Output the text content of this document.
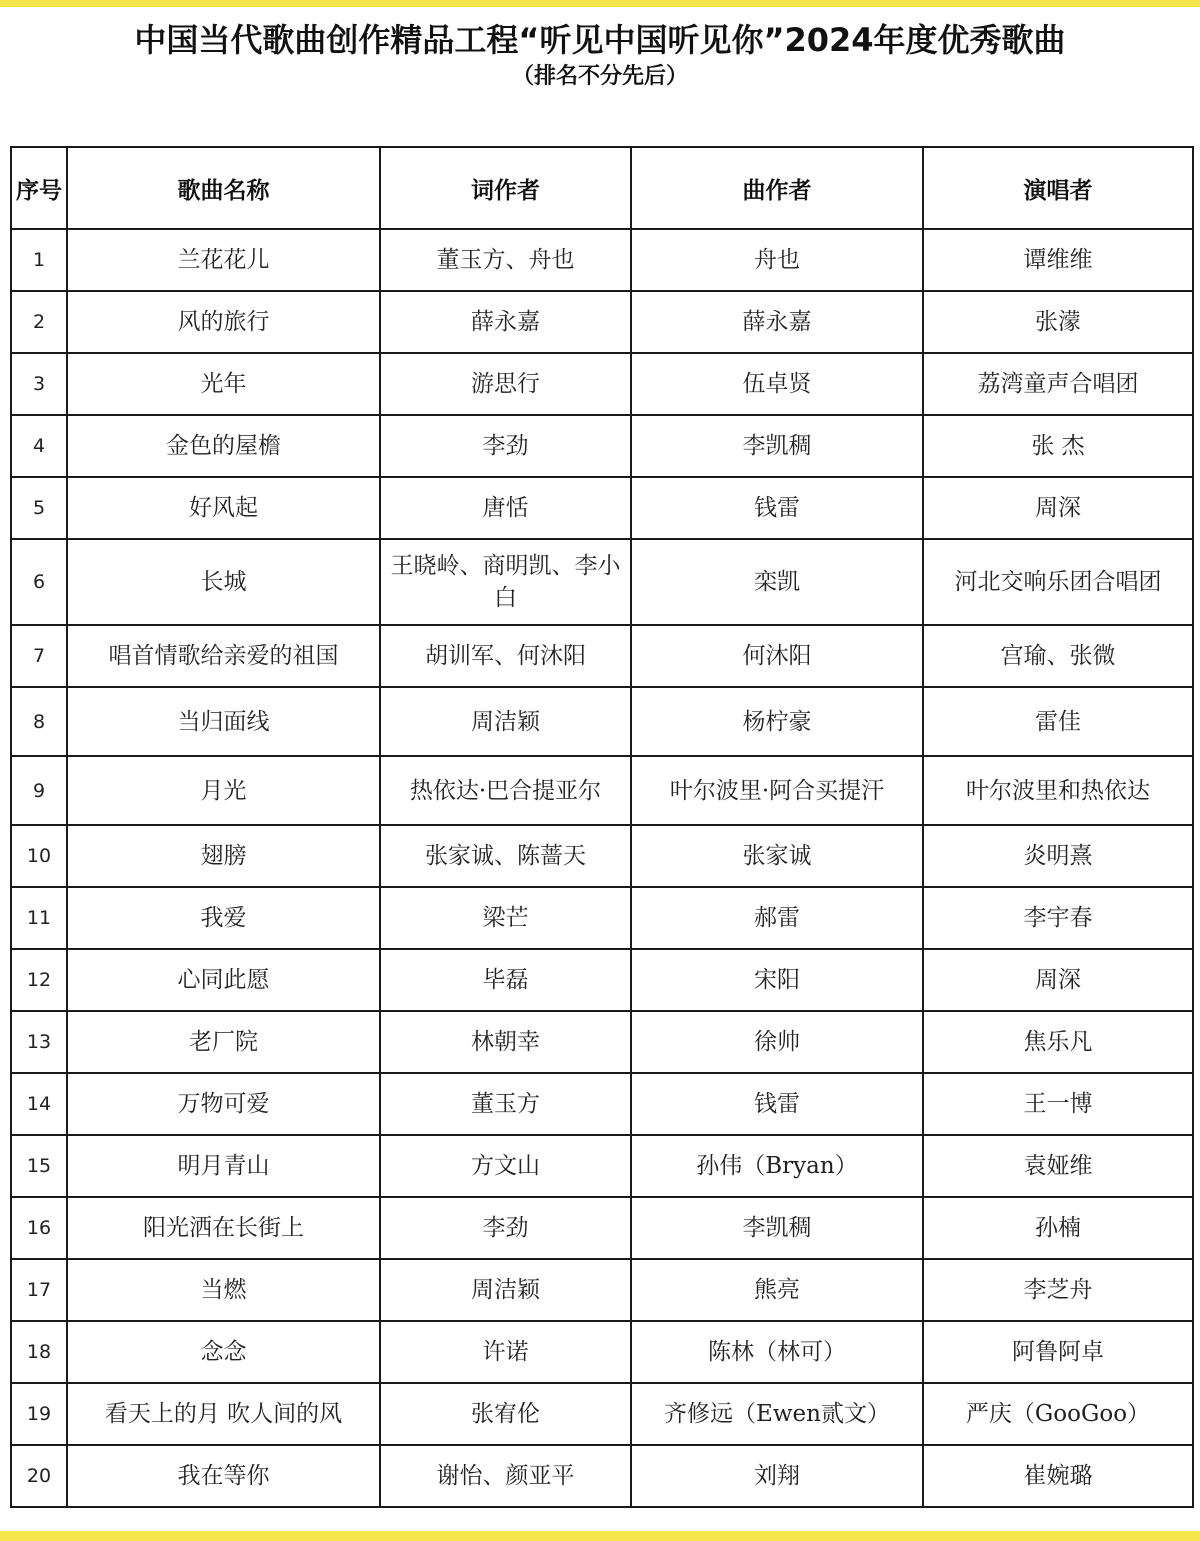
中国当代歌曲创作精品工程“听见中国听见你”2024年度优秀歌曲
（排名不分先后）
序号	歌曲名称	词作者	曲作者	演唱者
1	兰花花儿	董玉方、舟也	舟也	谭维维
2	风的旅行	薛永嘉	薛永嘉	张濛
3	光年	游思行	伍卓贤	荔湾童声合唱团
4	金色的屋檐	李劲	李凯稠	张 杰
5	好风起	唐恬	钱雷	周深
6	长城	王晓岭、商明凯、李小白	栾凯	河北交响乐团合唱团
7	唱首情歌给亲爱的祖国	胡训军、何沐阳	何沐阳	宫瑜、张微
8	当归面线	周洁颖	杨柠豪	雷佳
9	月光	热依达·巴合提亚尔	叶尔波里·阿合买提汗	叶尔波里和热依达
10	翅膀	张家诚、陈蔷天	张家诚	炎明熹
11	我爱	梁芒	郝雷	李宇春
12	心同此愿	毕磊	宋阳	周深
13	老厂院	林朝幸	徐帅	焦乐凡
14	万物可爱	董玉方	钱雷	王一博
15	明月青山	方文山	孙伟（Bryan）	袁娅维
16	阳光洒在长街上	李劲	李凯稠	孙楠
17	当燃	周洁颖	熊亮	李芝舟
18	念念	许诺	陈林（林可）	阿鲁阿卓
19	看天上的月 吹人间的风	张宥伦	齐修远（Ewen贰文）	严庆（GooGoo）
20	我在等你	谢怡、颜亚平	刘翔	崔婉璐
